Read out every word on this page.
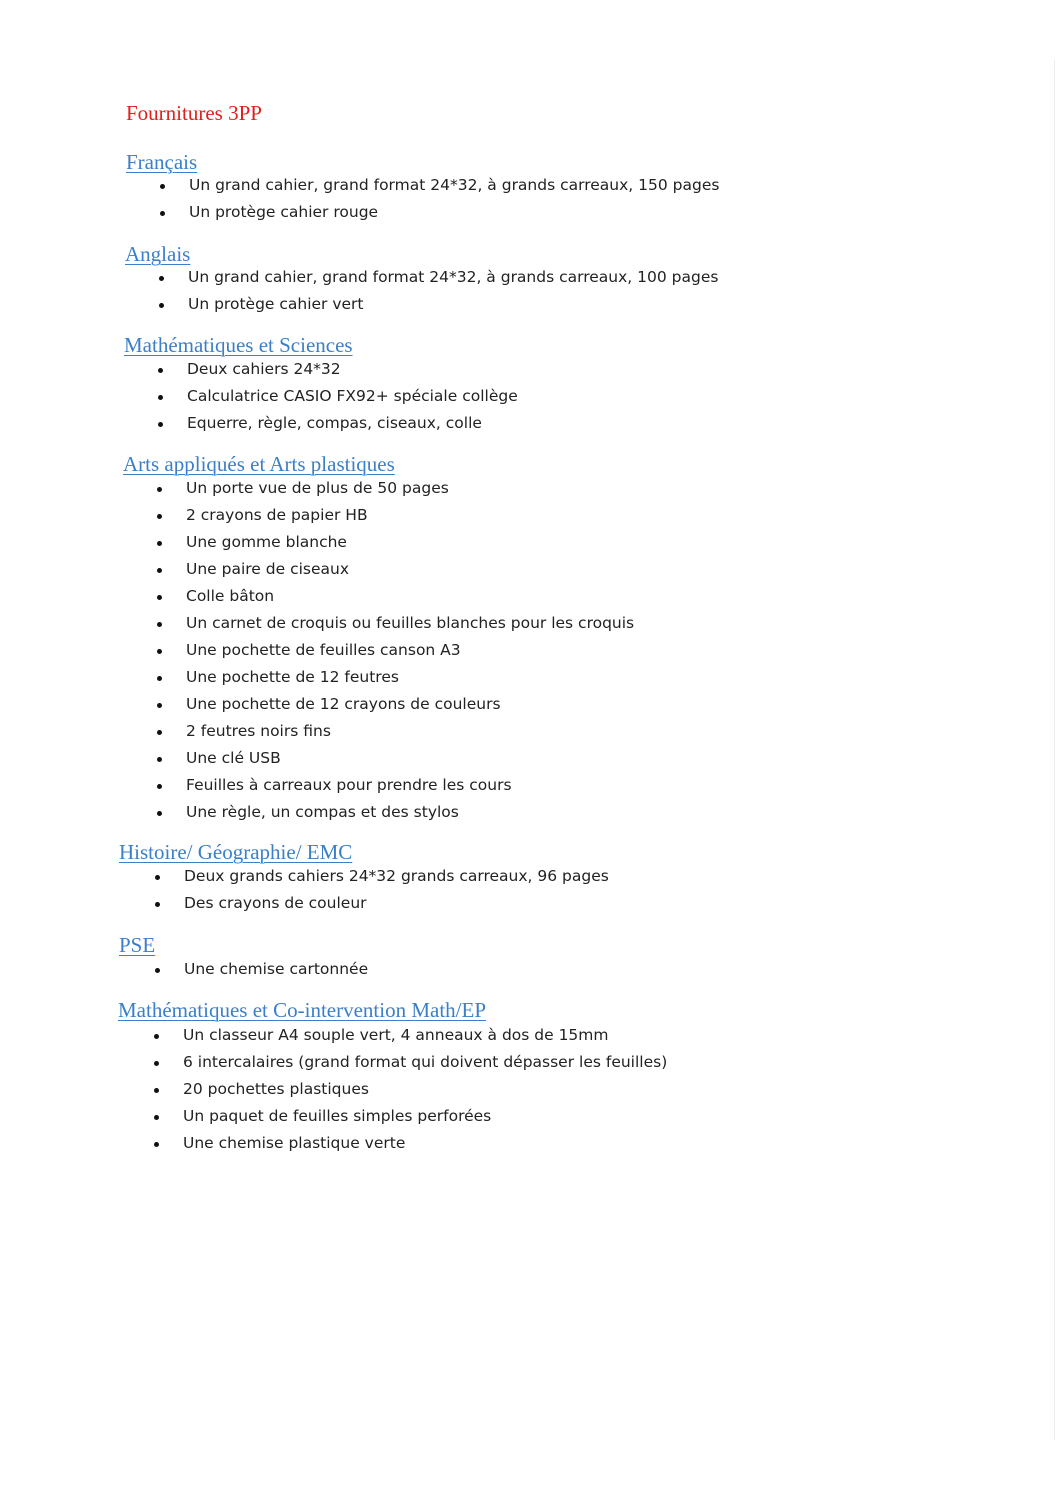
Fournitures 3PP
Français
Un grand cahier, grand format 24*32, à grands carreaux, 150 pages
Un protège cahier rouge
Anglais
Un grand cahier, grand format 24*32, à grands carreaux, 100 pages
Un protège cahier vert
Mathématiques et Sciences
Deux cahiers 24*32
Calculatrice CASIO FX92+ spéciale collège
Equerre, règle, compas, ciseaux, colle
Arts appliqués et Arts plastiques
Un porte vue de plus de 50 pages
2 crayons de papier HB
Une gomme blanche
Une paire de ciseaux
Colle bâton
Un carnet de croquis ou feuilles blanches pour les croquis
Une pochette de feuilles canson A3
Une pochette de 12 feutres
Une pochette de 12 crayons de couleurs
2 feutres noirs fins
Une clé USB
Feuilles à carreaux pour prendre les cours
Une règle, un compas et des stylos
Histoire/ Géographie/ EMC
Deux grands cahiers 24*32 grands carreaux, 96 pages
Des crayons de couleur
PSE
Une chemise cartonnée
Mathématiques et Co-intervention Math/EP
Un classeur A4 souple vert, 4 anneaux à dos de 15mm
6 intercalaires (grand format qui doivent dépasser les feuilles)
20 pochettes plastiques
Un paquet de feuilles simples perforées
Une chemise plastique verte
